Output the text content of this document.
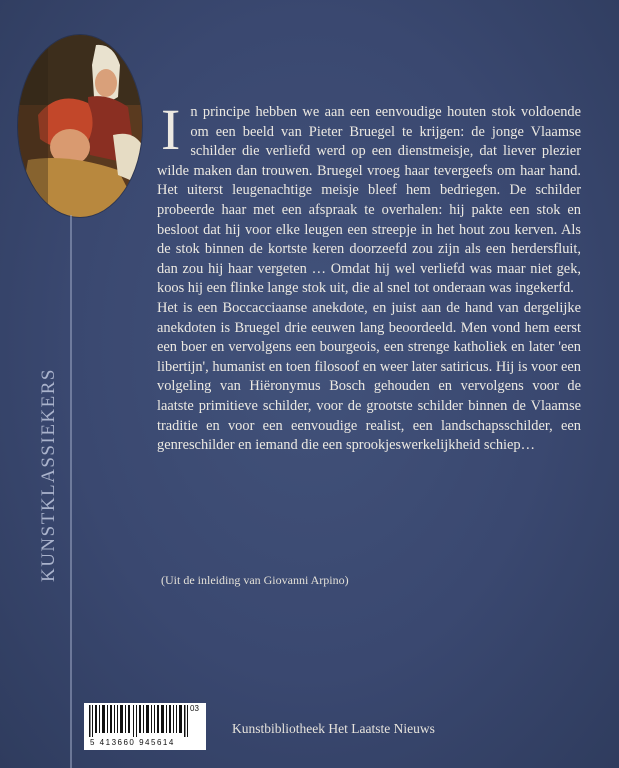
KUNSTKLASSIEKERS

In principe hebben we aan een eenvoudige houten stok voldoende om een beeld van Pieter Bruegel te krijgen: de jonge Vlaamse schilder die verliefd werd op een dienstmeisje, dat liever plezier wilde maken dan trouwen. Bruegel vroeg haar tevergeefs om haar hand. Het uiterst leugenachtige meisje bleef hem bedriegen. De schilder probeerde haar met een afspraak te overhalen: hij pakte een stok en besloot dat hij voor elke leugen een streepje in het hout zou kerven. Als de stok binnen de kortste keren doorzeefd zou zijn als een herdersfluit, dan zou hij haar vergeten … Omdat hij wel verliefd was maar niet gek, koos hij een flinke lange stok uit, die al snel tot onderaan was ingekerfd.

Het is een Boccacciaanse anekdote, en juist aan de hand van dergelijke anekdoten is Bruegel drie eeuwen lang beoordeeld. Men vond hem eerst een boer en vervolgens een bourgeois, een strenge katholiek en later 'een libertijn', humanist en toen filosoof en weer later satiricus. Hij is voor een volgeling van Hiëronymus Bosch gehouden en vervolgens voor de laatste primitieve schilder, voor de grootste schilder binnen de Vlaamse traditie en voor een eenvoudige realist, een landschapsschilder, een genreschilder en iemand die een sprookjeswerkelijkheid schiep…

(Uit de inleiding van Giovanni Arpino)
03
5 413660 945614
Kunstbibliotheek Het Laatste Nieuws
